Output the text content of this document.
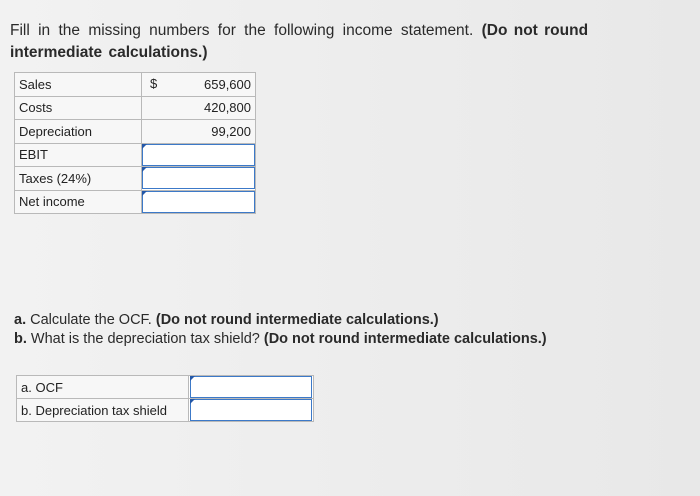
Fill in the missing numbers for the following income statement. (Do not round intermediate calculations.)
Sales	$ 659,600
Costs	420,800
Depreciation	99,200
EBIT	

Taxes (24%)	

Net income	
a. Calculate the OCF. (Do not round intermediate calculations.)
b. What is the depreciation tax shield? (Do not round intermediate calculations.)
a. OCF	

b. Depreciation tax shield	
